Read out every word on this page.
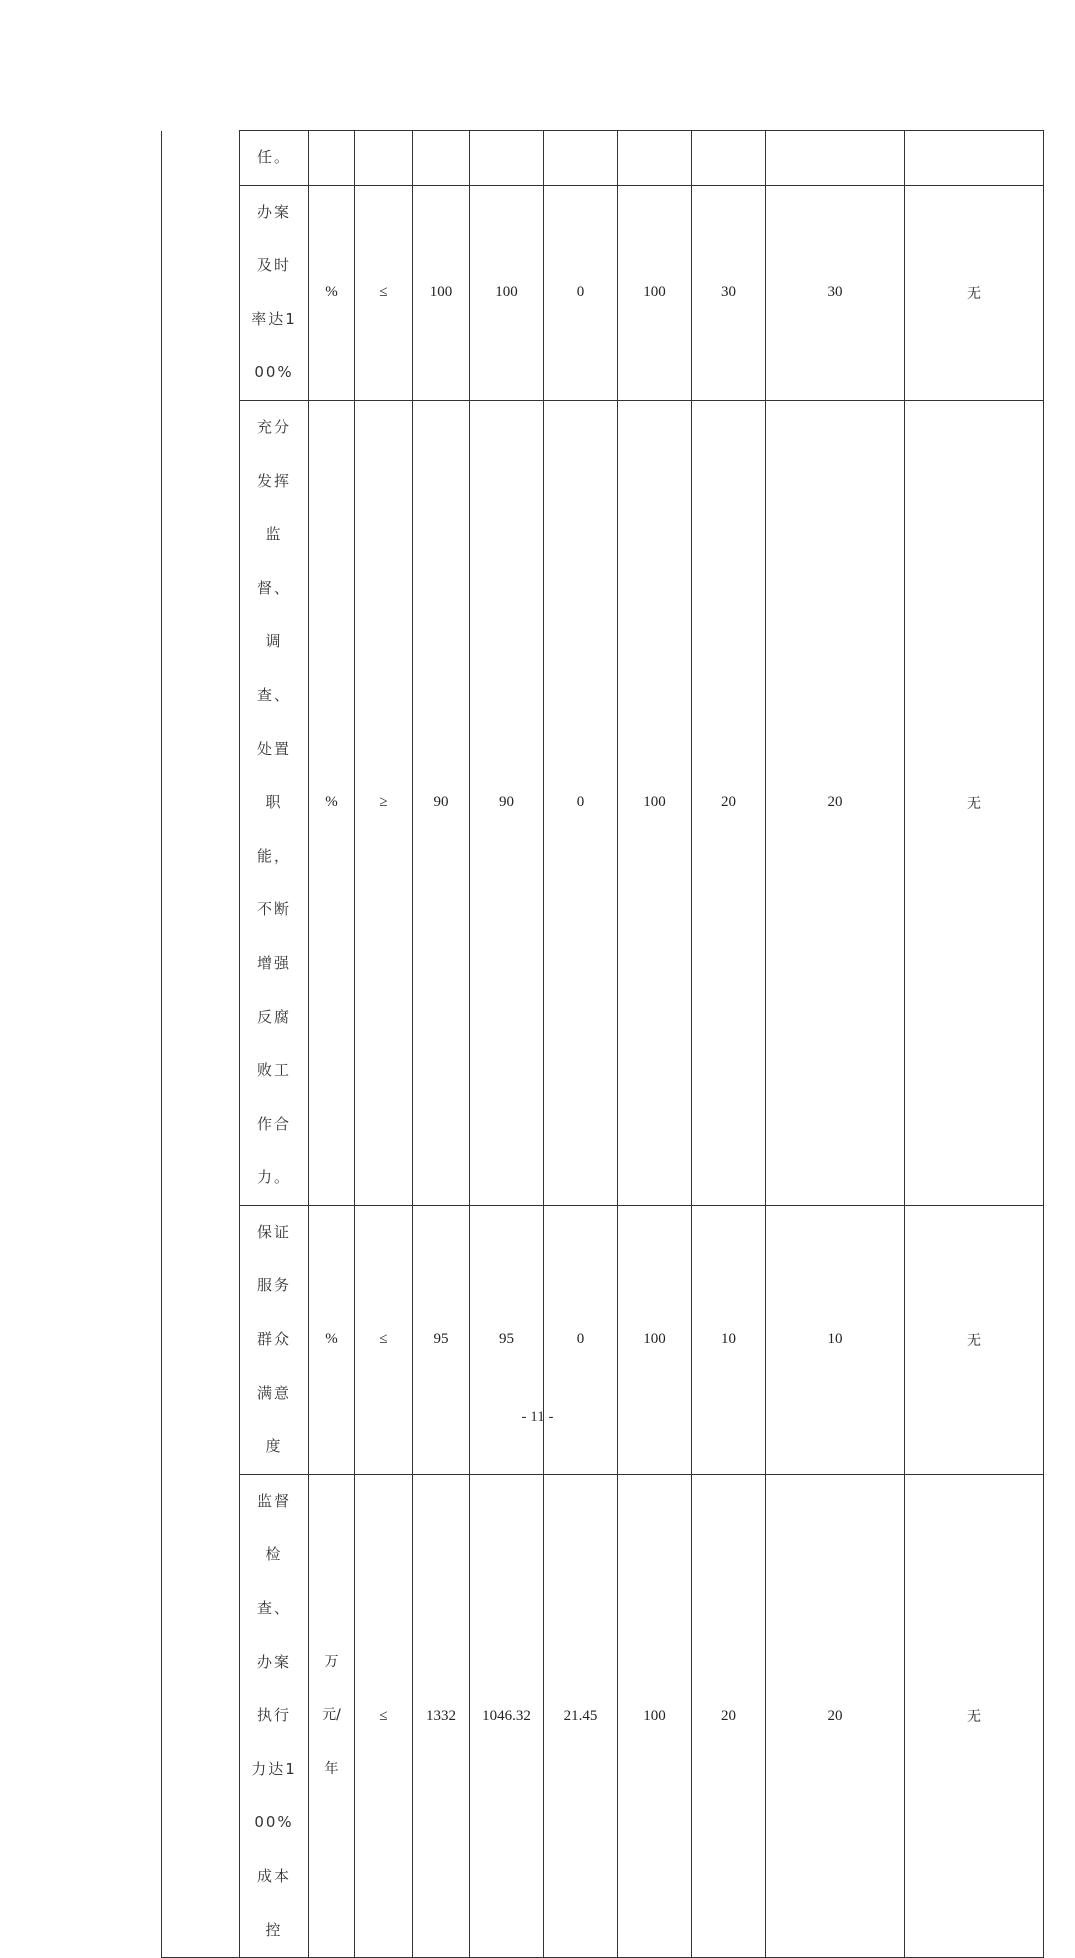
	任。									
	办案及时率达100%	%	≤	100	100	0	100	30	30	无
	充分发挥监督、调查、处置职能，不断增强反腐败工作合力。	%	≥	90	90	0	100	20	20	无
	保证服务群众满意度	%	≤	95	95	0	100	10	10	无
	监督检查、办案执行力达100%成本控	万元/年	≤	1332	1046.32	21.45	100	20	20	无
- 11 -
